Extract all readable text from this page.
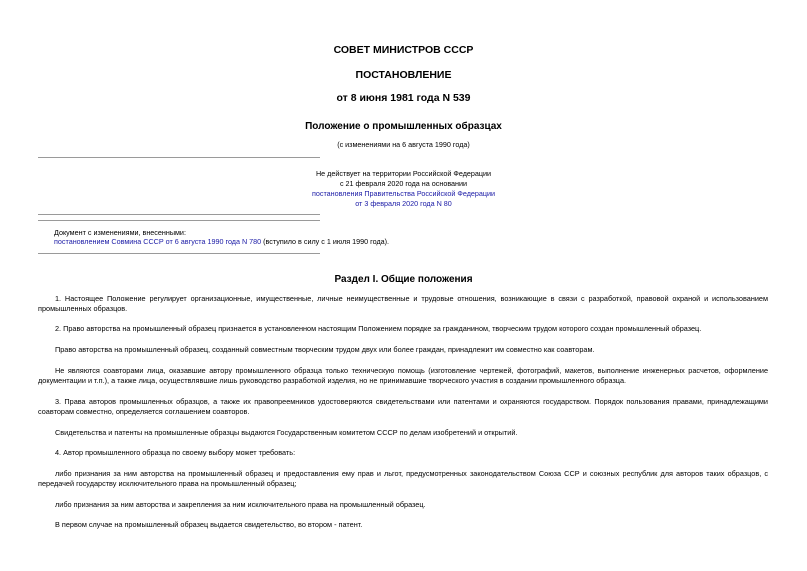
СОВЕТ МИНИСТРОВ СССР
ПОСТАНОВЛЕНИЕ
от 8 июня 1981 года N 539
Положение о промышленных образцах
(с изменениями на 6 августа 1990 года)
Не действует на территории Российской Федерации
с 21 февраля 2020 года на основании
постановления Правительства Российской Федерации
от 3 февраля 2020 года N 80
Документ с изменениями, внесенными:
постановлением Совмина СССР от 6 августа 1990 года N 780 (вступило в силу с 1 июля 1990 года).
Раздел I. Общие положения
1. Настоящее Положение регулирует организационные, имущественные, личные неимущественные и трудовые отношения, возникающие в связи с разработкой, правовой охраной и использованием промышленных образцов.
2. Право авторства на промышленный образец признается в установленном настоящим Положением порядке за гражданином, творческим трудом которого создан промышленный образец.
Право авторства на промышленный образец, созданный совместным творческим трудом двух или более граждан, принадлежит им совместно как соавторам.
Не являются соавторами лица, оказавшие автору промышленного образца только техническую помощь (изготовление чертежей, фотографий, макетов, выполнение инженерных расчетов, оформление документации и т.п.), а также лица, осуществлявшие лишь руководство разработкой изделия, но не принимавшие творческого участия в создании промышленного образца.
3. Права авторов промышленных образцов, а также их правопреемников удостоверяются свидетельствами или патентами и охраняются государством. Порядок пользования правами, принадлежащими соавторам совместно, определяется соглашением соавторов.
Свидетельства и патенты на промышленные образцы выдаются Государственным комитетом СССР по делам изобретений и открытий.
4. Автор промышленного образца по своему выбору может требовать:
либо признания за ним авторства на промышленный образец и предоставления ему прав и льгот, предусмотренных законодательством Союза ССР и союзных республик для авторов таких образцов, с передачей государству исключительного права на промышленный образец;
либо признания за ним авторства и закрепления за ним исключительного права на промышленный образец.
В первом случае на промышленный образец выдается свидетельство, во втором - патент.
